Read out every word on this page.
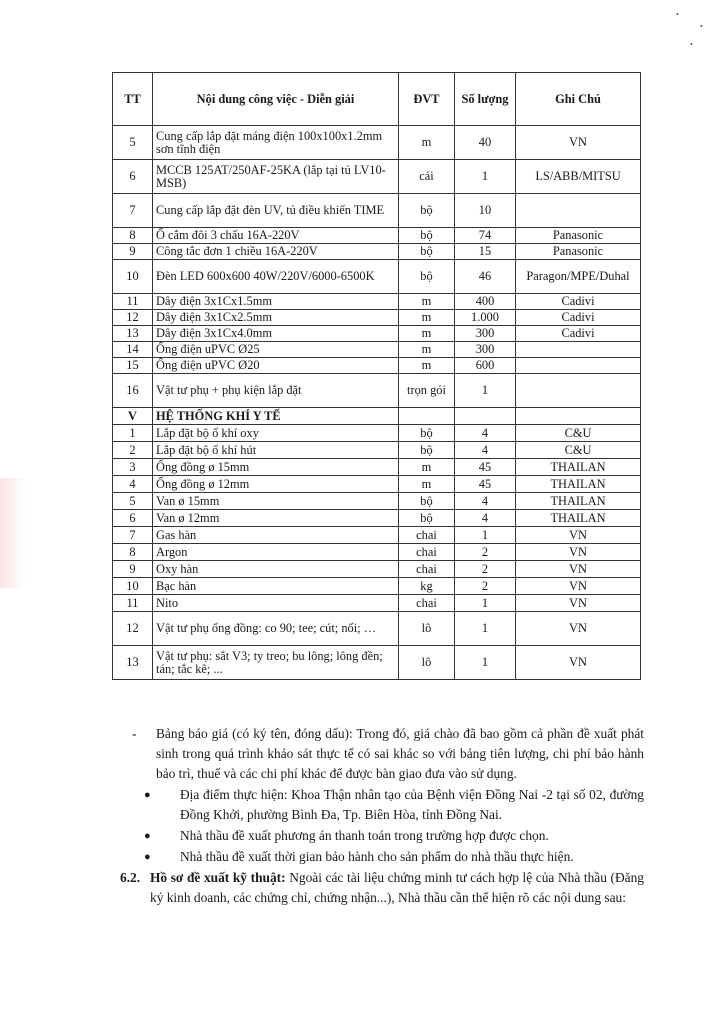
•
•
•
TT	Nội dung công việc - Diễn giải	ĐVT	Số lượng	Ghi Chú
5	Cung cấp lắp đặt máng điện 100x100x1.2mm sơn tĩnh điện	m	40	VN
6	MCCB 125AT/250AF-25KA (lắp tại tủ LV10-MSB)	cái	1	LS/ABB/MITSU
7	Cung cấp lắp đặt đèn UV, tủ điều khiển TIME	bộ	10	
8	Ổ cắm đôi 3 chấu 16A-220V	bộ	74	Panasonic
9	Công tắc đơn 1 chiều 16A-220V	bộ	15	Panasonic
10	Đèn LED 600x600 40W/220V/6000-6500K	bộ	46	Paragon/MPE/Duhal
11	Dây điện 3x1Cx1.5mm	m	400	Cadivi
12	Dây điện 3x1Cx2.5mm	m	1.000	Cadivi
13	Dây điện 3x1Cx4.0mm	m	300	Cadivi
14	Ống điện uPVC Ø25	m	300	
15	Ống điện uPVC Ø20	m	600	
16	Vật tư phụ + phụ kiện lắp đặt	trọn gói	1	
V	HỆ THỐNG KHÍ Y TẾ			
1	Lắp đặt bộ ổ khí oxy	bộ	4	C&U
2	Lắp đặt bộ ổ khí hút	bộ	4	C&U
3	Ống đồng ø 15mm	m	45	THAILAN
4	Ống đồng ø 12mm	m	45	THAILAN
5	Van ø 15mm	bộ	4	THAILAN
6	Van ø 12mm	bộ	4	THAILAN
7	Gas hàn	chai	1	VN
8	Argon	chai	2	VN
9	Oxy hàn	chai	2	VN
10	Bạc hàn	kg	2	VN
11	Nito	chai	1	VN
12	Vật tư phụ ống đồng: co 90; tee; cút; nối; …	lô	1	VN
13	Vật tư phụ: sắt V3; ty treo; bu lông; lông đền; tán; tắc kê; ...	lô	1	VN
- Bảng báo giá (có ký tên, đóng dấu): Trong đó, giá chào đã bao gồm cả phần đề xuất phát sinh trong quá trình khảo sát thực tế có sai khác so với bảng tiên lượng, chi phí bảo hành bảo trì, thuế và các chi phí khác để được bàn giao đưa vào sử dụng.
● Địa điểm thực hiện: Khoa Thận nhân tạo của Bệnh viện Đồng Nai -2 tại số 02, đường Đồng Khởi, phường Bình Đa, Tp. Biên Hòa, tỉnh Đồng Nai.
● Nhà thầu đề xuất phương án thanh toán trong trường hợp được chọn.
● Nhà thầu đề xuất thời gian bảo hành cho sản phẩm do nhà thầu thực hiện.
6.2. Hồ sơ đề xuất kỹ thuật: Ngoài các tài liệu chứng minh tư cách hợp lệ của Nhà thầu (Đăng ký kinh doanh, các chứng chỉ, chứng nhận...), Nhà thầu cần thể hiện rõ các nội dung sau:
